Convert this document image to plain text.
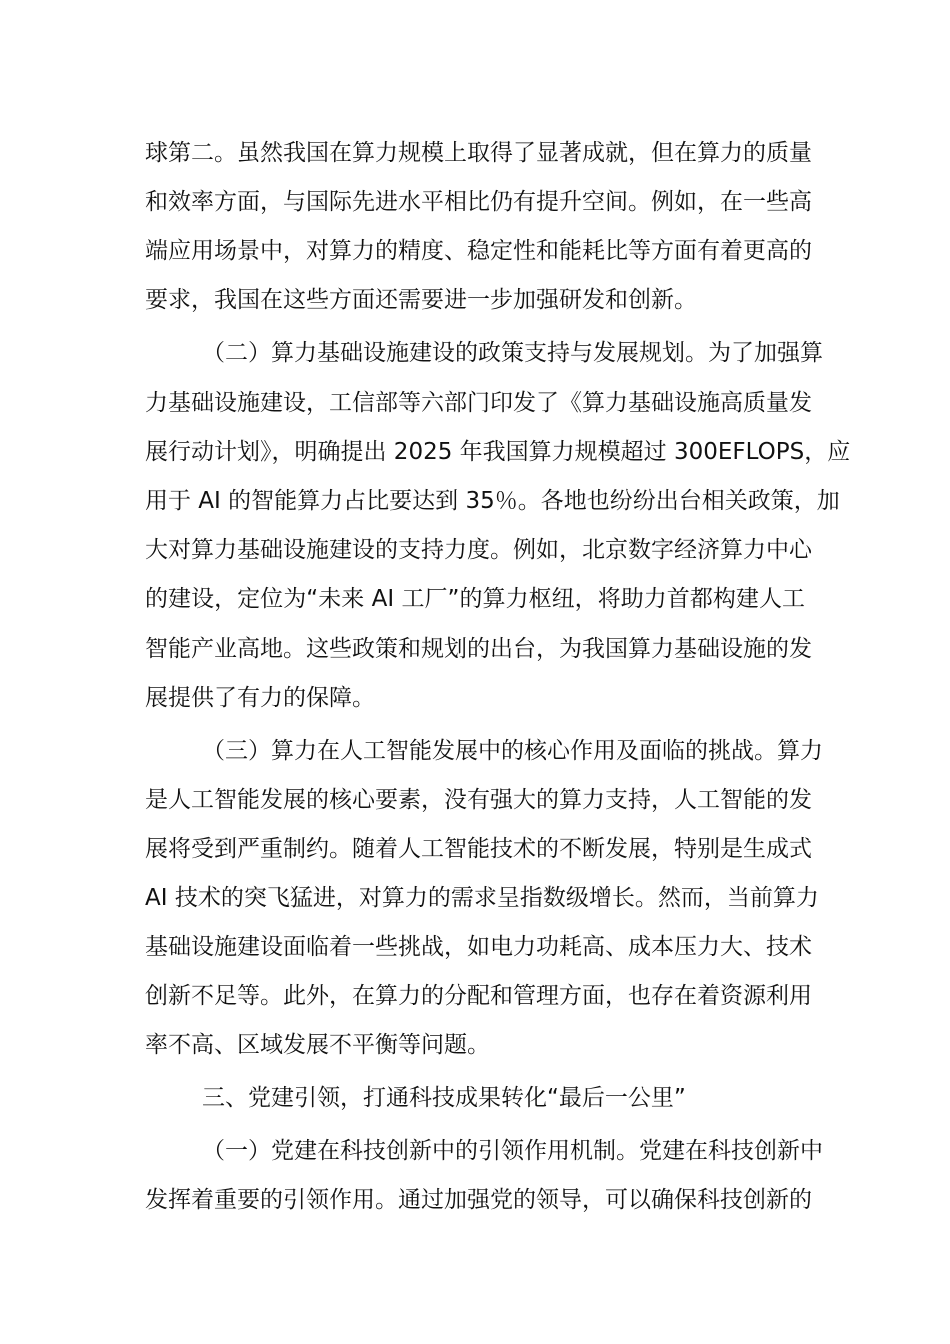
球第二。虽然我国在算力规模上取得了显著成就，但在算力的质量
和效率方面，与国际先进水平相比仍有提升空间。例如，在一些高
端应用场景中，对算力的精度、稳定性和能耗比等方面有着更高的
要求，我国在这些方面还需要进一步加强研发和创新。
（二）算力基础设施建设的政策支持与发展规划。为了加强算
力基础设施建设，工信部等六部门印发了《算力基础设施高质量发
展行动计划》，明确提出 2025 年我国算力规模超过 300EFLOPS，应
用于 AI 的智能算力占比要达到 35％。各地也纷纷出台相关政策，加
大对算力基础设施建设的支持力度。例如，北京数字经济算力中心
的建设，定位为“未来 AI 工厂”的算力枢纽，将助力首都构建人工
智能产业高地。这些政策和规划的出台，为我国算力基础设施的发
展提供了有力的保障。
（三）算力在人工智能发展中的核心作用及面临的挑战。算力
是人工智能发展的核心要素，没有强大的算力支持，人工智能的发
展将受到严重制约。随着人工智能技术的不断发展，特别是生成式
AI 技术的突飞猛进，对算力的需求呈指数级增长。然而，当前算力
基础设施建设面临着一些挑战，如电力功耗高、成本压力大、技术
创新不足等。此外，在算力的分配和管理方面，也存在着资源利用
率不高、区域发展不平衡等问题。
三、党建引领，打通科技成果转化“最后一公里”
（一）党建在科技创新中的引领作用机制。党建在科技创新中
发挥着重要的引领作用。通过加强党的领导，可以确保科技创新的
